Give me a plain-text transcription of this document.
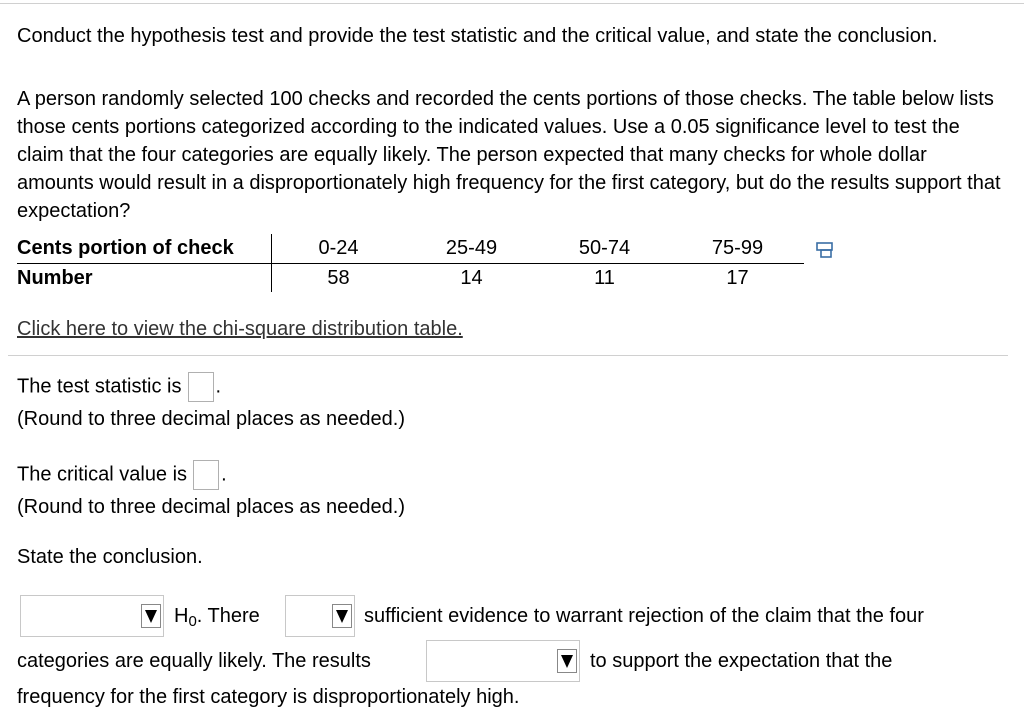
Conduct the hypothesis test and provide the test statistic and the critical value, and state the conclusion.

A person randomly selected 100 checks and recorded the cents portions of those checks. The table below lists those cents portions categorized according to the indicated values. Use a 0.05 significance level to test the claim that the four categories are equally likely. The person expected that many checks for whole dollar amounts would result in a disproportionately high frequency for the first category, but do the results support that expectation?

Cents portion of check	0-24	25-49	50-74	75-99
Number	58	14	11	17
Click here to view the chi-square distribution table.
The test statistic is .
(Round to three decimal places as needed.)
The critical value is .
(Round to three decimal places as needed.)
State the conclusion.
$H_0$. There	sufficient evidence to warrant rejection of the claim that the four
categories are equally likely. The results	to support the expectation that the
frequency for the first category is disproportionately high.
